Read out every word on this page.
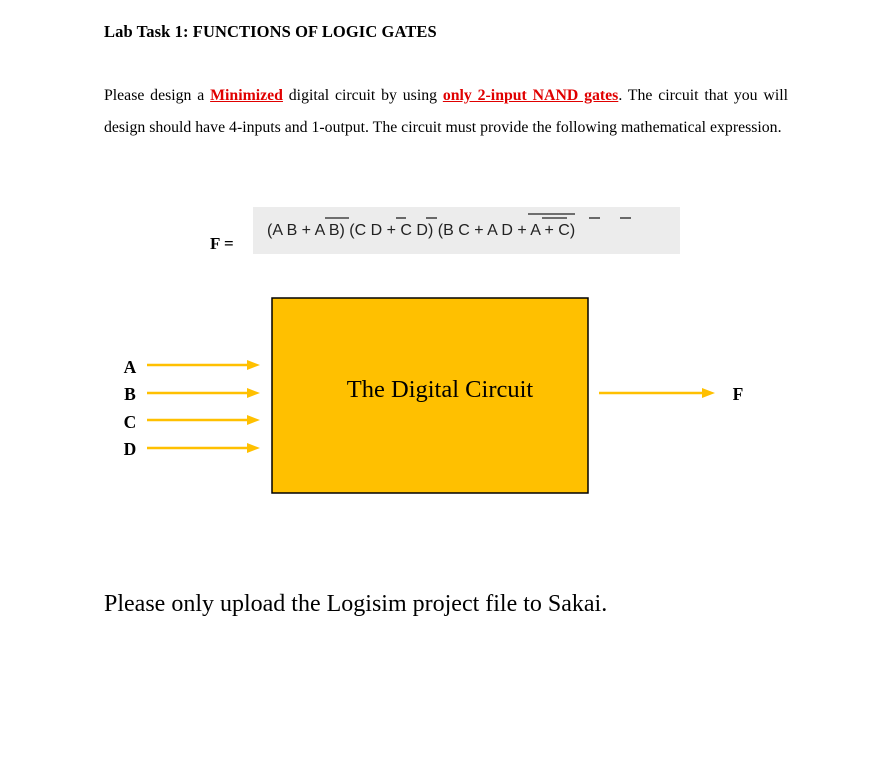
Lab Task 1: FUNCTIONS OF LOGIC GATES

Please design a Minimized digital circuit by using only 2-input NAND gates. The circuit that you will design should have 4-inputs and 1-output. The circuit must provide the following mathematical expression.

F =
(A B + A B) (C D + C D) (B C + A D + A + C)
The Digital Circuit
A
B
C
D
F

Please only upload the Logisim project file to Sakai.
